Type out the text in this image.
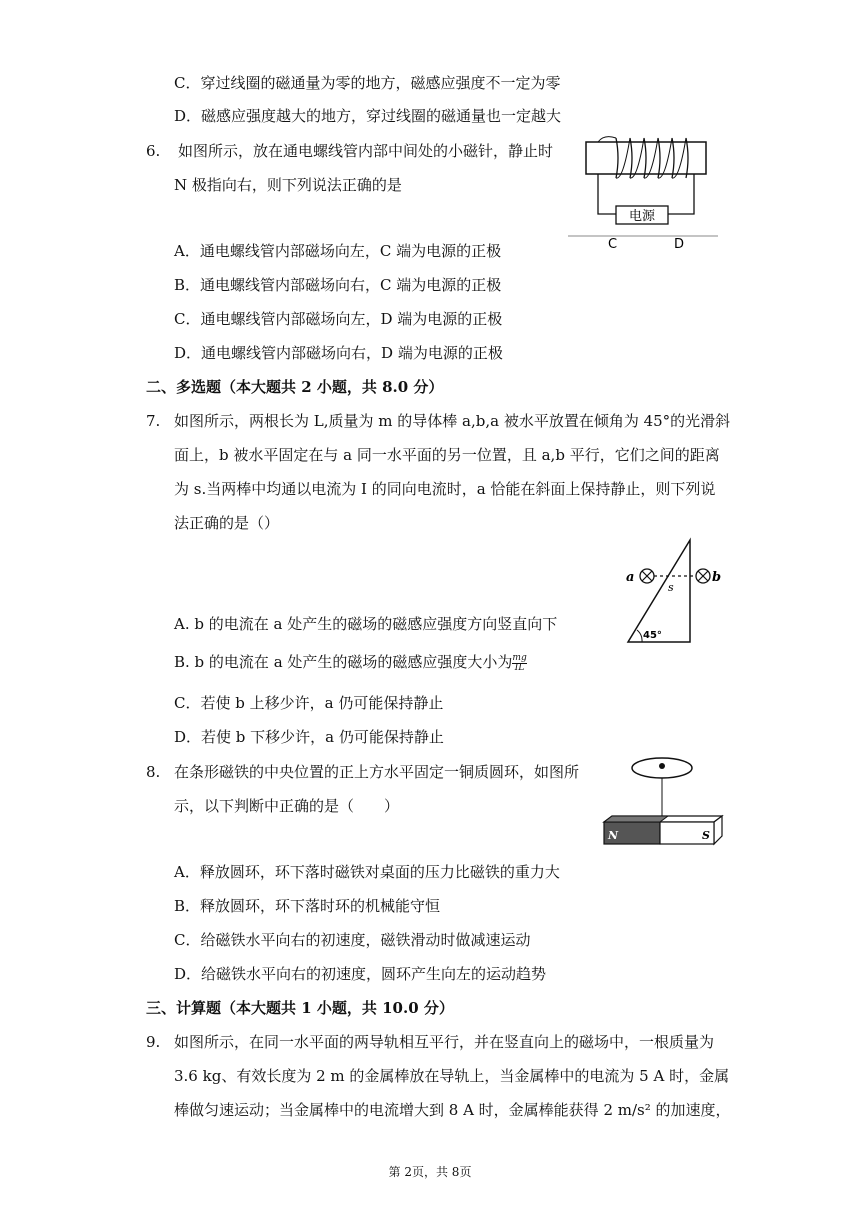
C．穿过线圈的磁通量为零的地方，磁感应强度不一定为零
D．磁感应强度越大的地方，穿过线圈的磁通量也一定越大
6. 如图所示，放在通电螺线管内部中间处的小磁针，静止时
N 极指向右，则下列说法正确的是
A．通电螺线管内部磁场向左，C 端为电源的正极
B．通电螺线管内部磁场向右，C 端为电源的正极
C．通电螺线管内部磁场向左，D 端为电源的正极
D．通电螺线管内部磁场向右，D 端为电源的正极
电源
C	D
二、多选题（本大题共 2 小题，共 8.0 分）
7. 如图所示，两根长为 L,质量为 m 的导体棒 a,b,a 被水平放置在倾角为 45°的光滑斜
面上，b 被水平固定在与 a 同一水平面的另一位置，且 a,b 平行，它们之间的距离
为 s.当两棒中均通以电流为 I 的同向电流时，a 恰能在斜面上保持静止，则下列说
法正确的是（）
A. b 的电流在 a 处产生的磁场的磁感应强度方向竖直向下
B. b 的电流在 a 处产生的磁场的磁感应强度大小为 $\frac{mg}{IL}$
C．若使 b 上移少许，a 仍可能保持静止
D．若使 b 下移少许，a 仍可能保持静止
45°
a
s
b
8. 在条形磁铁的中央位置的正上方水平固定一铜质圆环，如图所
示，以下判断中正确的是（　　）
A．释放圆环，环下落时磁铁对桌面的压力比磁铁的重力大
B．释放圆环，环下落时环的机械能守恒
C．给磁铁水平向右的初速度，磁铁滑动时做减速运动
D．给磁铁水平向右的初速度，圆环产生向左的运动趋势
N	S
三、计算题（本大题共 1 小题，共 10.0 分）
9. 如图所示，在同一水平面的两导轨相互平行，并在竖直向上的磁场中，一根质量为
3.6 kg、有效长度为 2 m 的金属棒放在导轨上，当金属棒中的电流为 5 A 时，金属
棒做匀速运动；当金属棒中的电流增大到 8 A 时，金属棒能获得 2 m/s² 的加速度，
第 2页，共 8页
